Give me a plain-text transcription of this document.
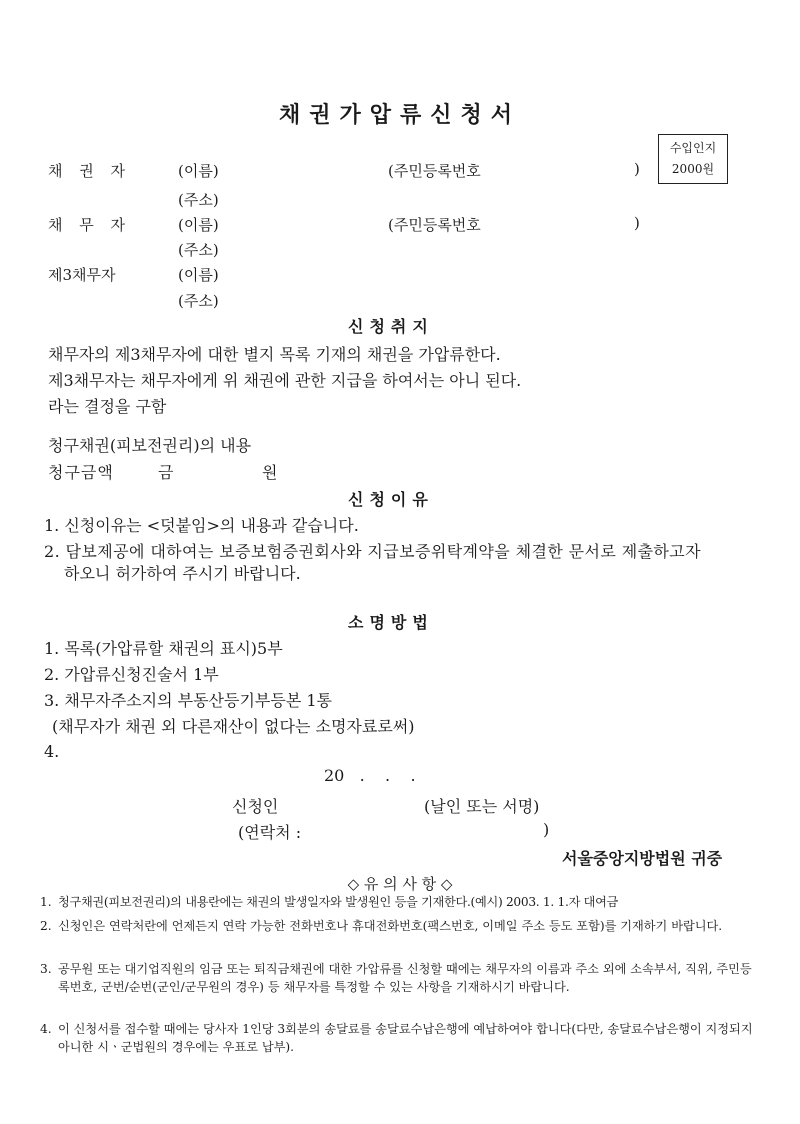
채권가압류신청서
수입인지
2000원
채 권 자	(이름)	(주민등록번호	)
(주소)
채 무 자	(이름)	(주민등록번호	)
(주소)
제3채무자	(이름)
(주소)
신청취지
채무자의 제3채무자에 대한 별지 목록 기재의 채권을 가압류한다.
제3채무자는 채무자에게 위 채권에 관한 지급을 하여서는 아니 된다.
라는 결정을 구함
청구채권(피보전권리)의 내용
청구금액	금	원
신청이유
1. 신청이유는 <덧붙임>의 내용과 같습니다.
2. 담보제공에 대하여는 보증보험증권회사와 지급보증위탁계약을 체결한 문서로 제출하고자
하오니 허가하여 주시기 바랍니다.
소명방법
1. 목록(가압류할 채권의 표시)5부
2. 가압류신청진술서 1부
3. 채무자주소지의 부동산등기부등본 1통
(채무자가 채권 외 다른재산이 없다는 소명자료로써)
4.
20   .    .    .
신청인	(날인 또는 서명)
(연락처 :	)
서울중앙지방법원 귀중
◇ 유 의 사 항 ◇
1. 청구채권(피보전권리)의 내용란에는 채권의 발생일자와 발생원인 등을 기재한다.(예시) 2003. 1. 1.자 대여금
2. 신청인은 연락처란에 언제든지 연락 가능한 전화번호나 휴대전화번호(팩스번호, 이메일 주소 등도 포함)를 기재하기 바랍니다.
3. 공무원 또는 대기업직원의 임금 또는 퇴직금채권에 대한 가압류를 신청할 때에는 채무자의 이름과 주소 외에 소속부서, 직위, 주민등록번호, 군번/순번(군인/군무원의 경우) 등 채무자를 특정할 수 있는 사항을 기재하시기 바랍니다.
4. 이 신청서를 접수할 때에는 당사자 1인당 3회분의 송달료를 송달료수납은행에 예납하여야 합니다(다만, 송달료수납은행이 지정되지 아니한 시ㆍ군법원의 경우에는 우표로 납부).
